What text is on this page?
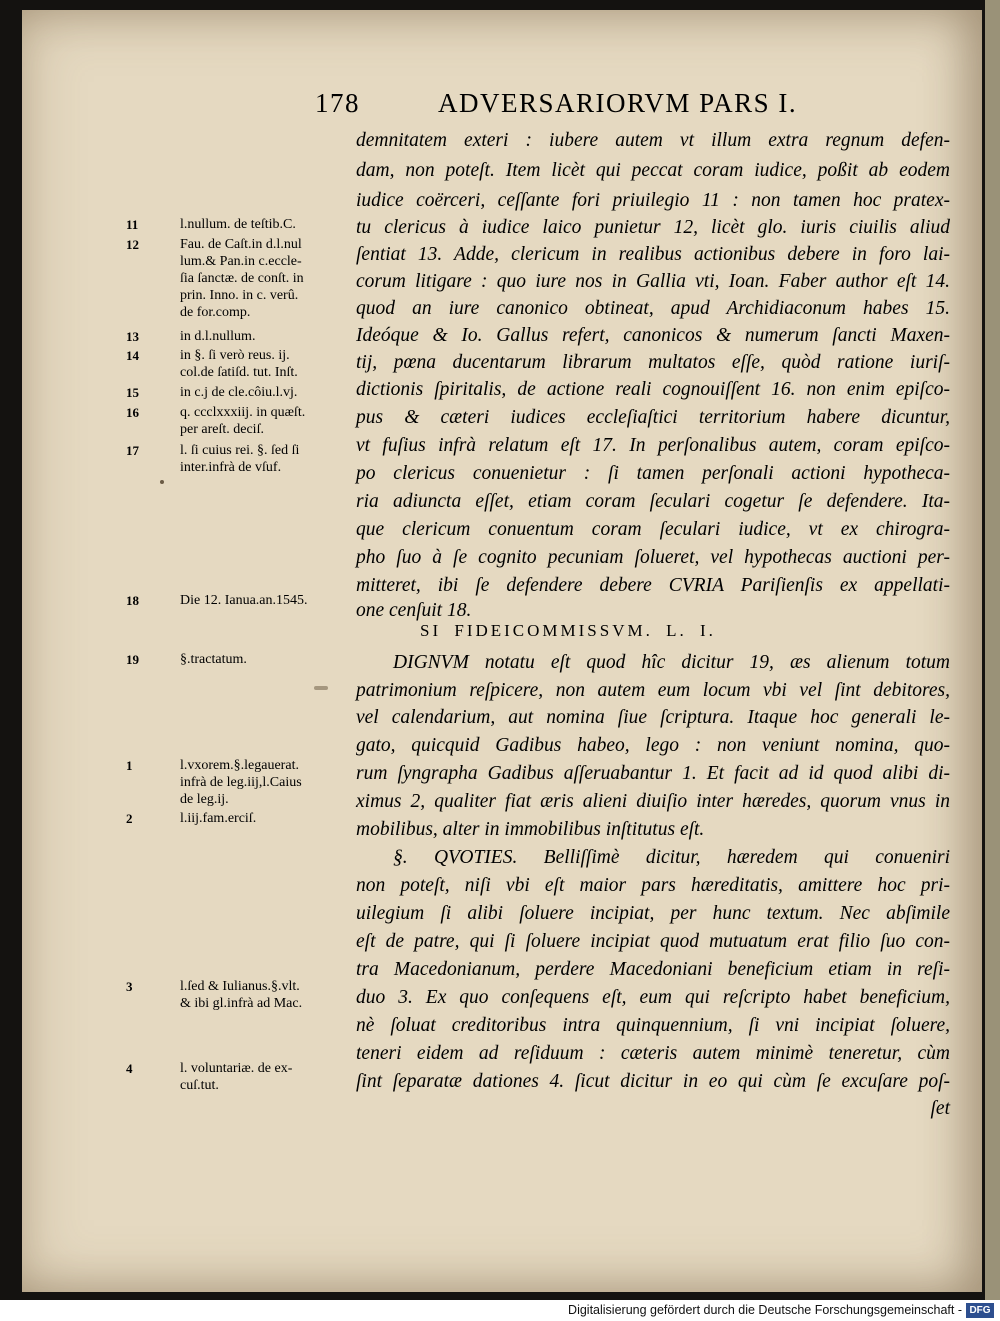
178	ADVERSARIORVM PARS I.
demnitatem exteri : iubere autem vt illum extra regnum defen-
dam, non poteſt. Item licèt qui peccat coram iudice, poßit ab eodem
iudice coërceri, ceſſante fori priuilegio 11 : non tamen hoc pratex-
tu clericus à iudice laico punietur 12, licèt glo. iuris ciuilis aliud
ſentiat 13. Adde, clericum in realibus actionibus debere in foro lai-
corum litigare : quo iure nos in Gallia vti, Ioan. Faber author eſt 14.
quod an iure canonico obtineat, apud Archidiaconum habes 15.
Ideóque & Io. Gallus refert, canonicos & numerum ſancti Maxen-
tij, pœna ducentarum librarum multatos eſſe, quòd ratione iuriſ-
dictionis ſpiritalis, de actione reali cognouiſſent 16. non enim epiſco-
pus & cæteri iudices eccleſiaſtici territorium habere dicuntur,
vt fuſius infrà relatum eſt 17. In perſonalibus autem, coram epiſco-
po clericus conuenietur : ſi tamen perſonali actioni hypotheca-
ria adiuncta eſſet, etiam coram ſeculari cogetur ſe defendere. Ita-
que clericum conuentum coram ſeculari iudice, vt ex chirogra-
pho ſuo à ſe cognito pecuniam ſolueret, vel hypothecas auctioni per-
mitteret, ibi ſe defendere debere CVRIA Pariſienſis ex appellati-
one cenſuit 18.
SI FIDEICOMMISSVM. L. I.
DIGNVM notatu eſt quod hîc dicitur 19, æs alienum totum
patrimonium reſpicere, non autem eum locum vbi vel ſint debitores,
vel calendarium, aut nomina ſiue ſcriptura. Itaque hoc generali le-
gato, quicquid Gadibus habeo, lego : non veniunt nomina, quo-
rum ſyngrapha Gadibus aſſeruabantur 1. Et facit ad id quod alibi di-
ximus 2, qualiter fiat æris alieni diuiſio inter hæredes, quorum vnus in
mobilibus, alter in immobilibus inſtitutus eſt.
§. QVOTIES. Belliſſimè dicitur, hæredem qui conueniri
non poteſt, niſi vbi eſt maior pars hæreditatis, amittere hoc pri-
uilegium ſi alibi ſoluere incipiat, per hunc textum. Nec abſimile
eſt de patre, qui ſi ſoluere incipiat quod mutuatum erat filio ſuo con-
tra Macedonianum, perdere Macedoniani beneficium etiam in reſi-
duo 3. Ex quo conſequens eſt, eum qui reſcripto habet beneficium,
nè ſoluat creditoribus intra quinquennium, ſi vni incipiat ſoluere,
teneri eidem ad reſiduum : cæteris autem minimè teneretur, cùm
ſint ſeparatæ dationes 4. ſicut dicitur in eo qui cùm ſe excuſare poſ-
ſet
11	l.nullum. de teſtib.C.
12	Fau. de Caſt.in d.l.nul
lum.& Pan.in c.eccle-
ſia ſanctæ. de conſt. in
prin. Inno. in c. verû.
de for.comp.
13	in d.l.nullum.
14	in §. ſi verò reus. ij.
col.de ſatiſd. tut. Inſt.
15	in c.j de cle.côiu.l.vj.
16	q. ccclxxxiij. in quæſt.
per areſt. deciſ.
17	l. ſi cuius rei. §. ſed ſi
inter.infrà de vſuf.
18	Die 12. Ianua.an.1545.
19	§.tractatum.
1	l.vxorem.§.legauerat.
infrà de leg.iij,l.Caius
de leg.ij.
2	l.iij.fam.erciſ.
3	l.ſed & Iulianus.§.vlt.
& ibi gl.infrà ad Mac.
4	l. voluntariæ. de ex-
cuſ.tut.
Digitalisierung gefördert durch die Deutsche Forschungsgemeinschaft - DFG
